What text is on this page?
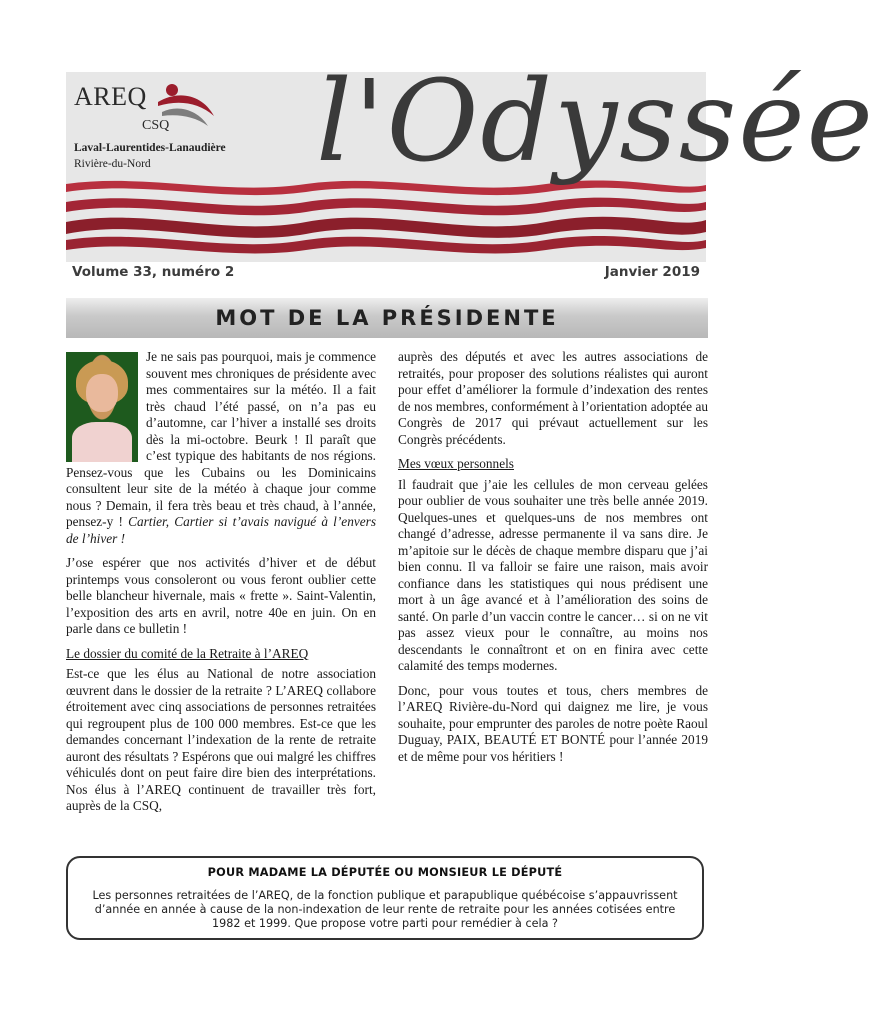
AREQ
CSQ
Laval-Laurentides-Lanaudière
Rivière-du-Nord l'Odyssée
Volume 33, numéro 2	Janvier 2019
MOT DE LA PRÉSIDENTE

Je ne sais pas pourquoi, mais je commence souvent mes chroniques de présidente avec mes commentaires sur la météo. Il a fait très chaud l’été passé, on n’a pas eu d’automne, car l’hiver a installé ses droits dès la mi-octobre. Beurk ! Il paraît que c’est typique des habitants de nos régions. Pensez-vous que les Cubains ou les Dominicains consultent leur site de la météo à chaque jour comme nous ? Demain, il fera très beau et très chaud, à l’année, pensez-y ! Cartier, Cartier si t’avais navigué à l’envers de l’hiver !

J’ose espérer que nos activités d’hiver et de début printemps vous consoleront ou vous feront oublier cette belle blancheur hivernale, mais « frette ». Saint-Valentin, l’exposition des arts en avril, notre 40e en juin. On en parle dans ce bulletin !

Le dossier du comité de la Retraite à l’AREQ

Est-ce que les élus au National de notre association œuvrent dans le dossier de la retraite ? L’AREQ collabore étroitement avec cinq associations de personnes retraitées qui regroupent plus de 100 000 membres. Est-ce que les demandes concernant l’indexation de la rente de retraite auront des résultats ? Espérons que oui malgré les chiffres véhiculés dont on peut faire dire bien des interprétations. Nos élus à l’AREQ continuent de travailler très fort, auprès de la CSQ,

auprès des députés et avec les autres associations de retraités, pour proposer des solutions réalistes qui auront pour effet d’améliorer la formule d’indexation des rentes de nos membres, conformément à l’orientation adoptée au Congrès de 2017 qui prévaut actuellement sur les Congrès précédents.

Mes vœux personnels

Il faudrait que j’aie les cellules de mon cerveau gelées pour oublier de vous souhaiter une très belle année 2019. Quelques-unes et quelques-uns de nos membres ont changé d’adresse, adresse permanente il va sans dire. Je m’apitoie sur le décès de chaque membre disparu que j’ai bien connu. Il va falloir se faire une raison, mais avoir confiance dans les statistiques qui nous prédisent une mort à un âge avancé et à l’amélioration des soins de santé. On parle d’un vaccin contre le cancer… si on ne vit pas assez vieux pour le connaître, au moins nos descendants le connaîtront et on en finira avec cette calamité des temps modernes.

Donc, pour vous toutes et tous, chers membres de l’AREQ Rivière-du-Nord qui daignez me lire, je vous souhaite, pour emprunter des paroles de notre poète Raoul Duguay, PAIX, BEAUTÉ ET BONTÉ pour l’année 2019 et de même pour vos héritiers !

POUR MADAME LA DÉPUTÉE OU MONSIEUR LE DÉPUTÉ
Les personnes retraitées de l’AREQ, de la fonction publique et parapublique québécoise s’appauvrissent d’année en année à cause de la non-indexation de leur rente de retraite pour les années cotisées entre 1982 et 1999. Que propose votre parti pour remédier à cela ?
